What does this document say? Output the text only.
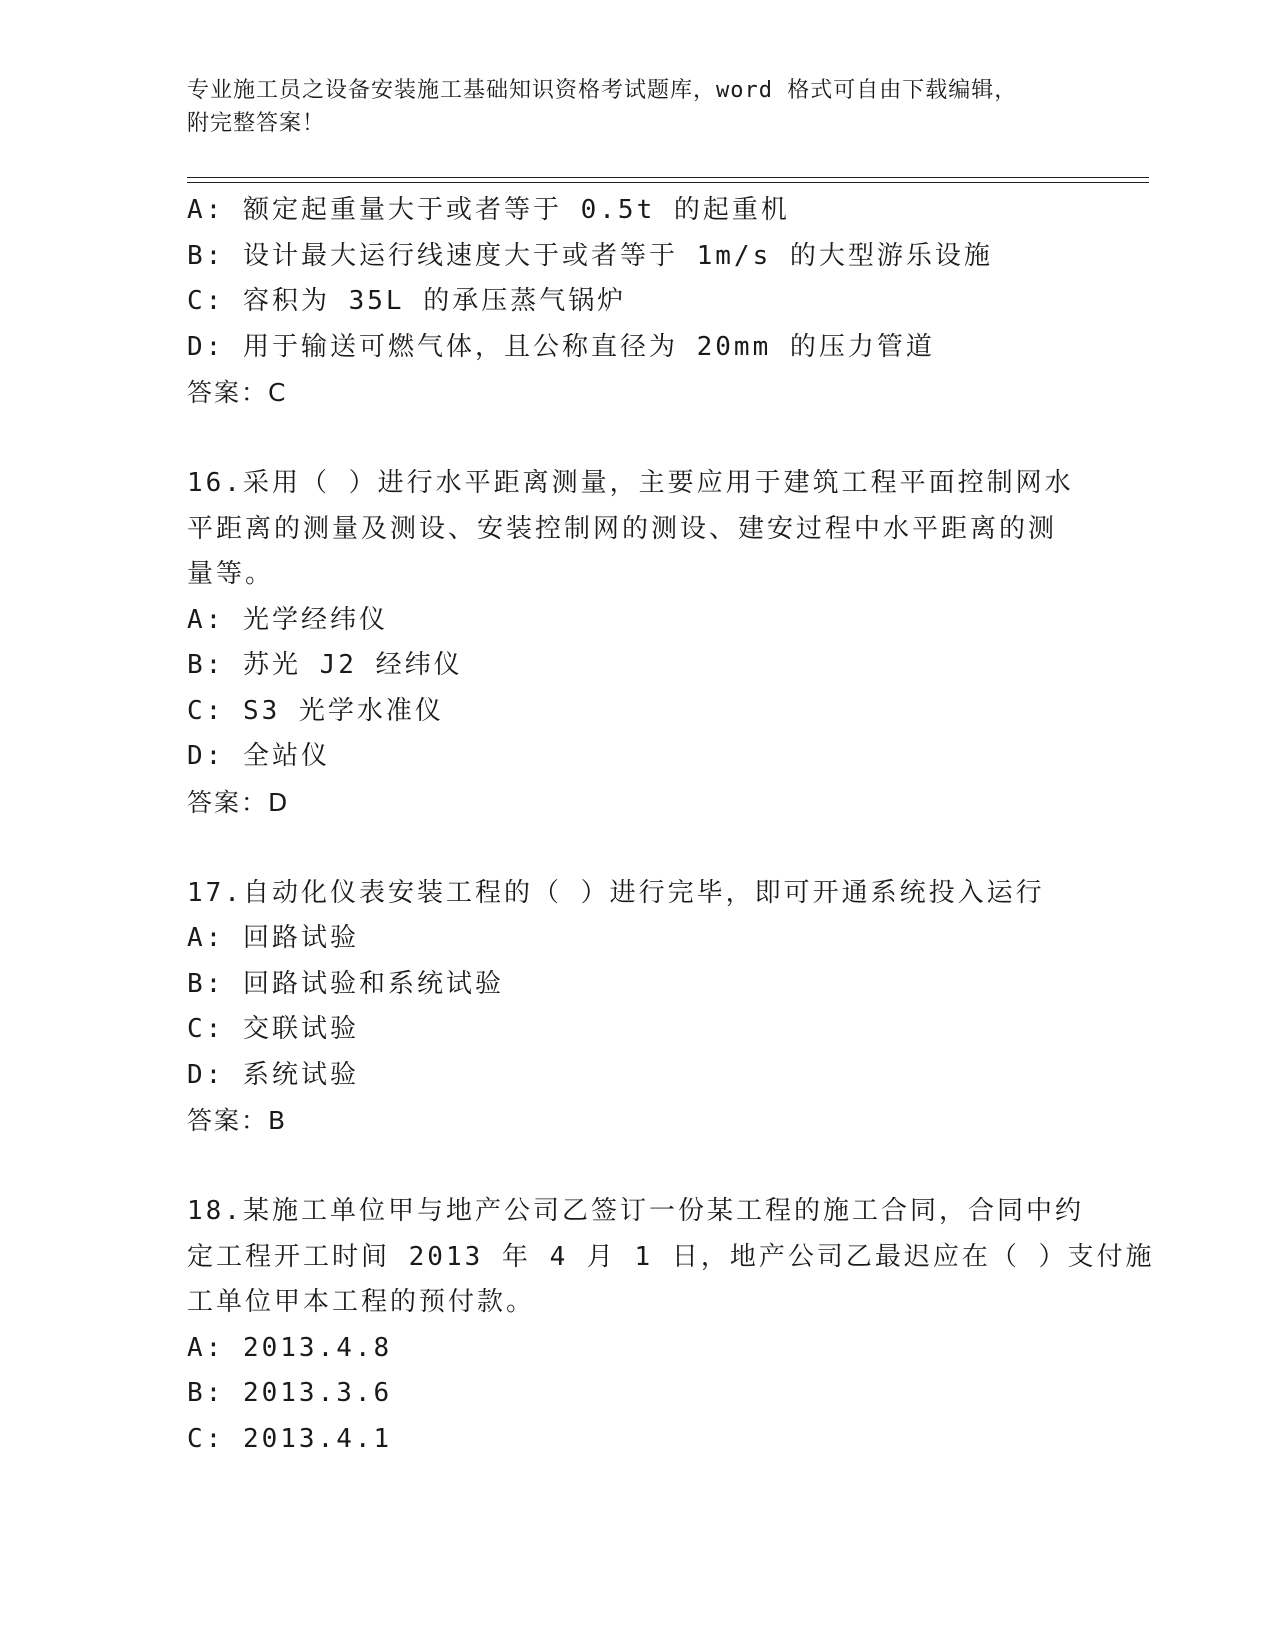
专业施工员之设备安装施工基础知识资格考试题库，word 格式可自由下载编辑，
附完整答案！

A: 额定起重量大于或者等于 0.5t 的起重机

B: 设计最大运行线速度大于或者等于 1m/s 的大型游乐设施

C: 容积为 35L 的承压蒸气锅炉

D: 用于输送可燃气体，且公称直径为 20mm 的压力管道

答案：C

16.采用（ ）进行水平距离测量，主要应用于建筑工程平面控制网水

平距离的测量及测设、安装控制网的测设、建安过程中水平距离的测

量等。

A: 光学经纬仪

B: 苏光 J2 经纬仪

C: S3 光学水准仪

D: 全站仪

答案：D

17.自动化仪表安装工程的（ ）进行完毕，即可开通系统投入运行

A: 回路试验

B: 回路试验和系统试验

C: 交联试验

D: 系统试验

答案：B

18.某施工单位甲与地产公司乙签订一份某工程的施工合同，合同中约

定工程开工时间 2013 年 4 月 1 日，地产公司乙最迟应在（ ）支付施

工单位甲本工程的预付款。

A: 2013.4.8

B: 2013.3.6

C: 2013.4.1
